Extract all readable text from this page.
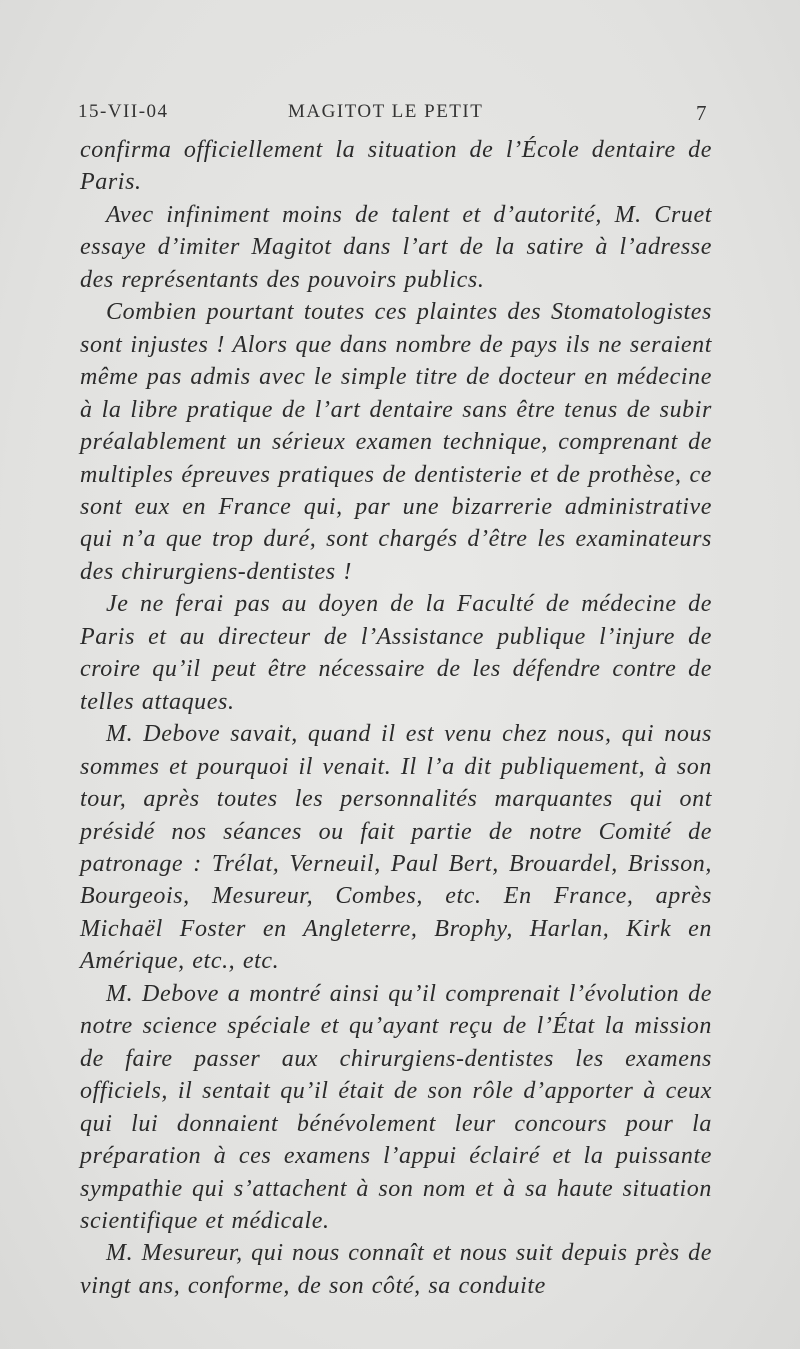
15-VII-04	MAGITOT LE PETIT	7

confirma officiellement la situation de l’École dentaire de Paris.

Avec infiniment moins de talent et d’autorité, M. Cruet essaye d’imiter Magitot dans l’art de la satire à l’adresse des représentants des pouvoirs publics.

Combien pourtant toutes ces plaintes des Stomatologistes sont injustes ! Alors que dans nombre de pays ils ne seraient même pas admis avec le simple titre de docteur en médecine à la libre pratique de l’art dentaire sans être tenus de subir préalablement un sérieux examen technique, comprenant de multiples épreuves pratiques de dentisterie et de prothèse, ce sont eux en France qui, par une bizarrerie administrative qui n’a que trop duré, sont chargés d’être les examinateurs des chirurgiens-dentistes !

Je ne ferai pas au doyen de la Faculté de médecine de Paris et au directeur de l’Assistance publique l’injure de croire qu’il peut être nécessaire de les défendre contre de telles attaques.

M. Debove savait, quand il est venu chez nous, qui nous sommes et pourquoi il venait. Il l’a dit publiquement, à son tour, après toutes les personnalités marquantes qui ont présidé nos séances ou fait partie de notre Comité de patronage : Trélat, Verneuil, Paul Bert, Brouardel, Brisson, Bourgeois, Mesureur, Combes, etc. En France, après Michaël Foster en Angleterre, Brophy, Harlan, Kirk en Amérique, etc., etc.

M. Debove a montré ainsi qu’il comprenait l’évolution de notre science spéciale et qu’ayant reçu de l’État la mission de faire passer aux chirurgiens-dentistes les examens officiels, il sentait qu’il était de son rôle d’apporter à ceux qui lui donnaient bénévolement leur concours pour la préparation à ces examens l’appui éclairé et la puissante sympathie qui s’attachent à son nom et à sa haute situation scientifique et médicale.

M. Mesureur, qui nous connaît et nous suit depuis près de vingt ans, conforme, de son côté, sa conduite
